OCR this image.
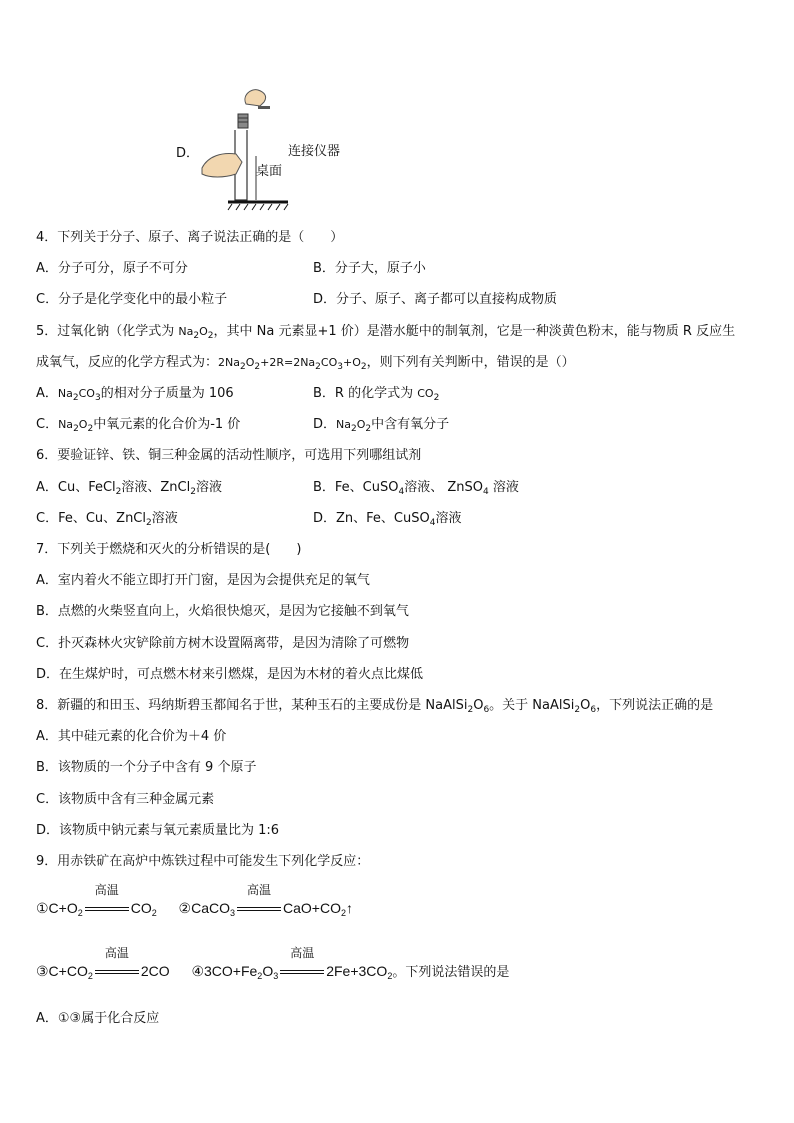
D．	连接仪器
桌面
4．下列关于分子、原子、离子说法正确的是（　　）
A．分子可分，原子不可分	B．分子大，原子小
C．分子是化学变化中的最小粒子	D．分子、原子、离子都可以直接构成物质
5．过氧化钠（化学式为 $Na_2O_2$，其中 Na 元素显+1 价）是潜水艇中的制氧剂，它是一种淡黄色粉末，能与物质 R 反应生
成氧气，反应的化学方程式为：$2Na_2O_2+2R=2Na_2CO_3+O_2$，则下列有关判断中，错误的是（）
A．$Na_2CO_3$的相对分子质量为 106	B．R 的化学式为 $CO_2$
C．$Na_2O_2$中氧元素的化合价为-1 价	D．$Na_2O_2$中含有氧分子
6．要验证锌、铁、铜三种金属的活动性顺序，可选用下列哪组试剂
A．Cu、FeCl$_2$溶液、ZnCl$_2$溶液	B．Fe、CuSO$_4$溶液、 ZnSO$_4$ 溶液
C．Fe、Cu、ZnCl$_2$溶液	D．Zn、Fe、CuSO$_4$溶液
7．下列关于燃烧和灭火的分析错误的是(　　)
A．室内着火不能立即打开门窗，是因为会提供充足的氧气
B．点燃的火柴竖直向上，火焰很快熄灭，是因为它接触不到氧气
C．扑灭森林火灾铲除前方树木设置隔离带，是因为清除了可燃物
D．在生煤炉时，可点燃木材来引燃煤，是因为木材的着火点比煤低
8．新疆的和田玉、玛纳斯碧玉都闻名于世，某种玉石的主要成份是 $NaAlSi_2O_6$。关于 $NaAlSi_2O_6$，下列说法正确的是
A．其中硅元素的化合价为＋4 价
B．该物质的一个分子中含有 9 个原子
C．该物质中含有三种金属元素
D．该物质中钠元素与氧元素质量比为 1:6
9．用赤铁矿在高炉中炼铁过程中可能发生下列化学反应：
$①C+O_2$
高温
$CO_2$ ②CaCO$_3$
高温
$CaO+CO_2↑$
$③C+CO_2$
高温
2CO $④3CO+Fe_2O_3$
高温
$2Fe+3CO_2$。下列说法错误的是
A．①③属于化合反应
